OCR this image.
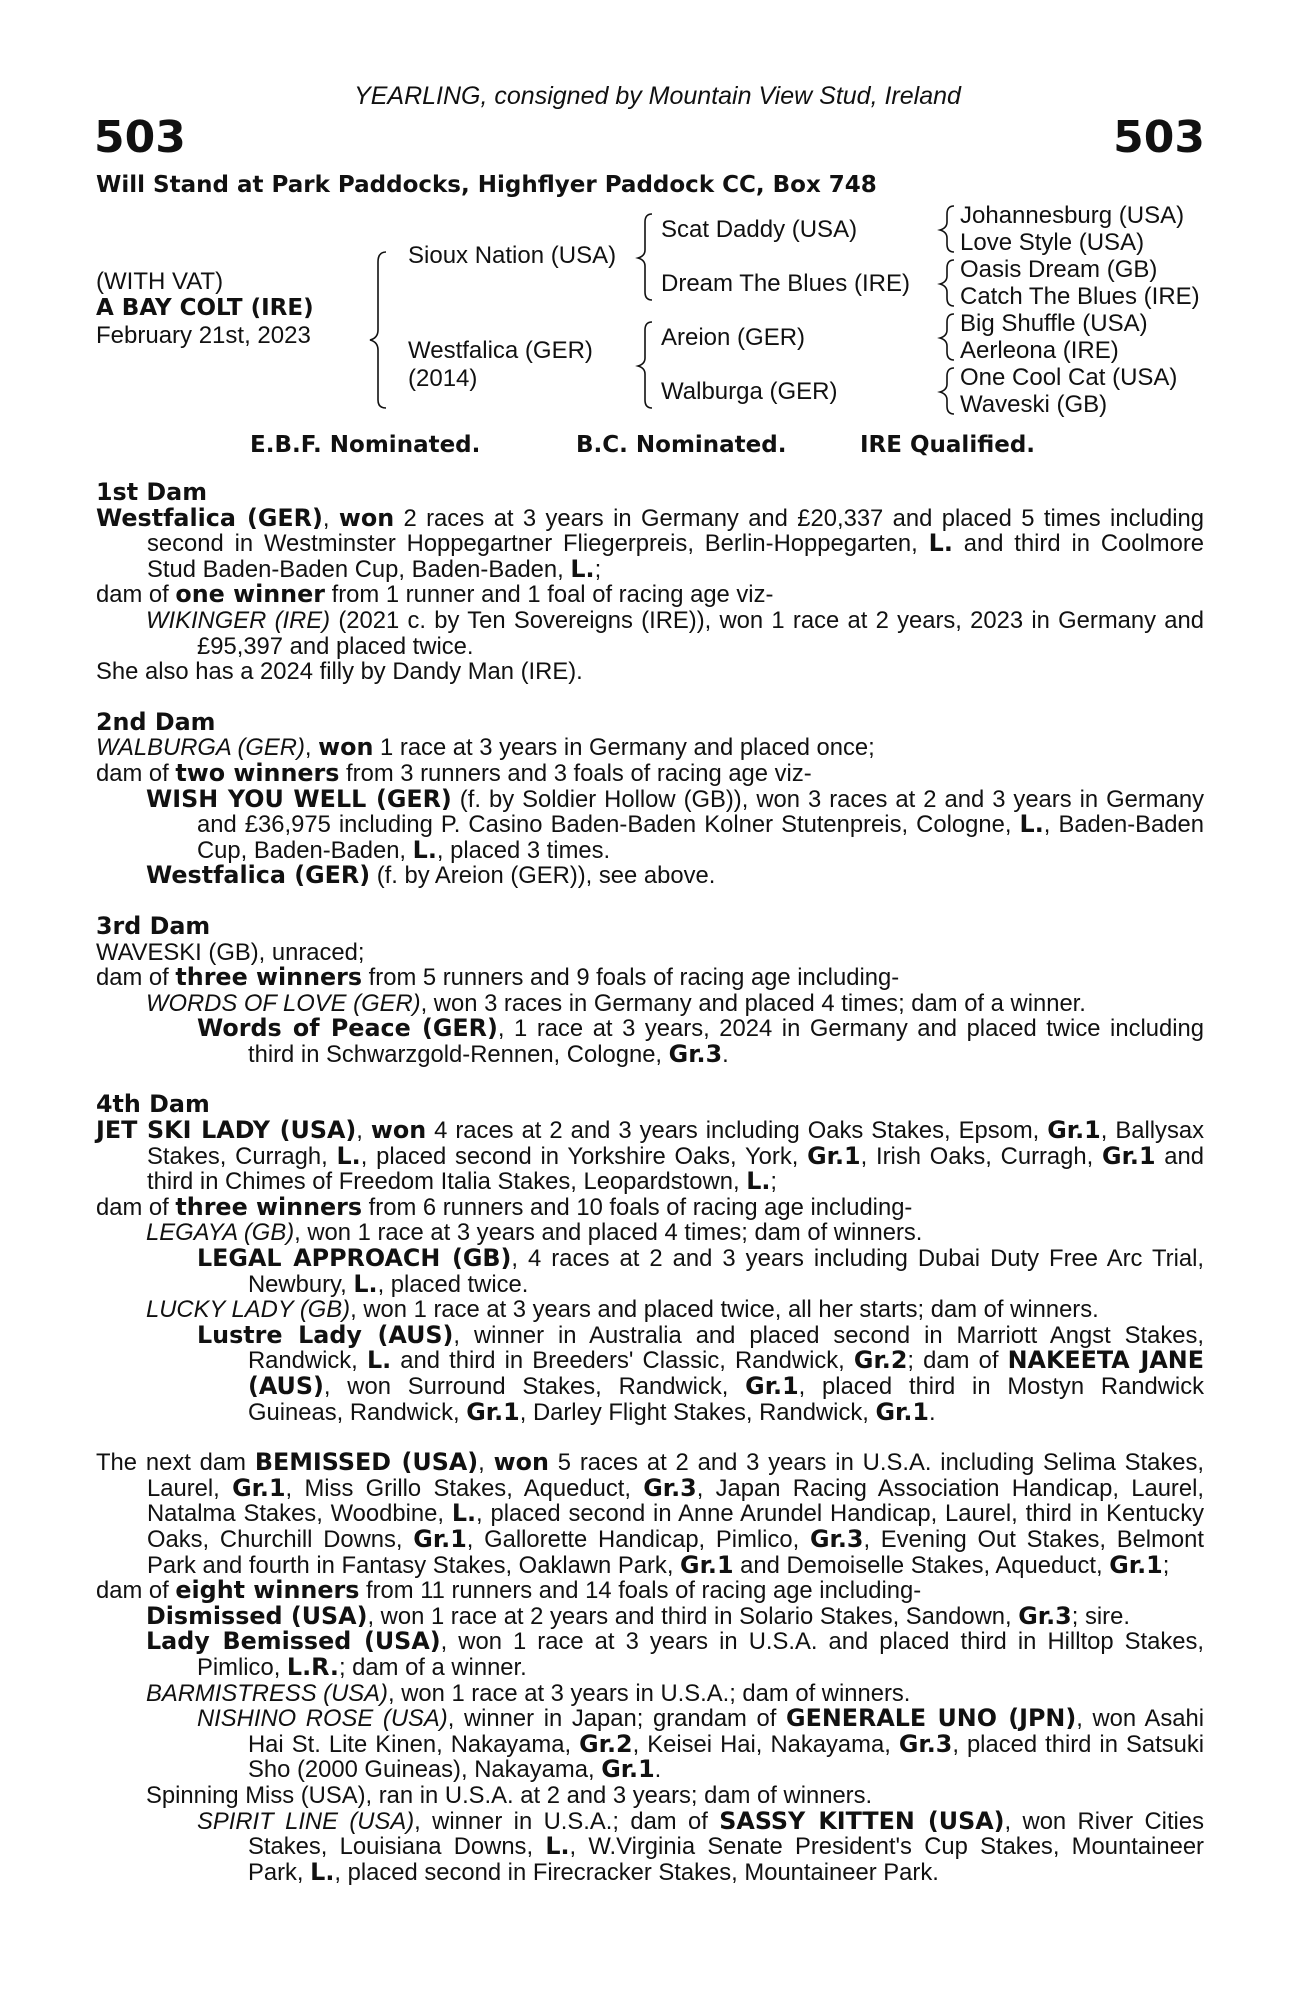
YEARLING, consigned by Mountain View Stud, Ireland
503	503
Will Stand at Park Paddocks, Highflyer Paddock CC, Box 748
(WITH VAT)
A BAY COLT (IRE)
February 21st, 2023
Sioux Nation (USA)
Westfalica (GER)
(2014)
Scat Daddy (USA)
Dream The Blues (IRE)
Areion (GER)
Walburga (GER)
Johannesburg (USA)
Love Style (USA)
Oasis Dream (GB)
Catch The Blues (IRE)
Big Shuffle (USA)
Aerleona (IRE)
One Cool Cat (USA)
Waveski (GB)
E.B.F. Nominated.	B.C. Nominated.	IRE Qualified.

1st Dam

Westfalica (GER), won 2 races at 3 years in Germany and £20,337 and placed 5 times including second in Westminster Hoppegartner Fliegerpreis, Berlin-Hoppegarten, L. and third in Coolmore Stud Baden-Baden Cup, Baden-Baden, L.;

dam of one winner from 1 runner and 1 foal of racing age viz-

WIKINGER (IRE) (2021 c. by Ten Sovereigns (IRE)), won 1 race at 2 years, 2023 in Germany and £95,397 and placed twice.

She also has a 2024 filly by Dandy Man (IRE).

2nd Dam

WALBURGA (GER), won 1 race at 3 years in Germany and placed once;

dam of two winners from 3 runners and 3 foals of racing age viz-

WISH YOU WELL (GER) (f. by Soldier Hollow (GB)), won 3 races at 2 and 3 years in Germany and £36,975 including P. Casino Baden-Baden Kolner Stutenpreis, Cologne, L., Baden-Baden Cup, Baden-Baden, L., placed 3 times.

Westfalica (GER) (f. by Areion (GER)), see above.

3rd Dam

WAVESKI (GB), unraced;

dam of three winners from 5 runners and 9 foals of racing age including-

WORDS OF LOVE (GER), won 3 races in Germany and placed 4 times; dam of a winner.

Words of Peace (GER), 1 race at 3 years, 2024 in Germany and placed twice including third in Schwarzgold-Rennen, Cologne, Gr.3.

4th Dam

JET SKI LADY (USA), won 4 races at 2 and 3 years including Oaks Stakes, Epsom, Gr.1, Ballysax Stakes, Curragh, L., placed second in Yorkshire Oaks, York, Gr.1, Irish Oaks, Curragh, Gr.1 and third in Chimes of Freedom Italia Stakes, Leopardstown, L.;

dam of three winners from 6 runners and 10 foals of racing age including-

LEGAYA (GB), won 1 race at 3 years and placed 4 times; dam of winners.

LEGAL APPROACH (GB), 4 races at 2 and 3 years including Dubai Duty Free Arc Trial, Newbury, L., placed twice.

LUCKY LADY (GB), won 1 race at 3 years and placed twice, all her starts; dam of winners.

Lustre Lady (AUS), winner in Australia and placed second in Marriott Angst Stakes, Randwick, L. and third in Breeders' Classic, Randwick, Gr.2; dam of NAKEETA JANE (AUS), won Surround Stakes, Randwick, Gr.1, placed third in Mostyn Randwick Guineas, Randwick, Gr.1, Darley Flight Stakes, Randwick, Gr.1.

The next dam BEMISSED (USA), won 5 races at 2 and 3 years in U.S.A. including Selima Stakes, Laurel, Gr.1, Miss Grillo Stakes, Aqueduct, Gr.3, Japan Racing Association Handicap, Laurel, Natalma Stakes, Woodbine, L., placed second in Anne Arundel Handicap, Laurel, third in Kentucky Oaks, Churchill Downs, Gr.1, Gallorette Handicap, Pimlico, Gr.3, Evening Out Stakes, Belmont Park and fourth in Fantasy Stakes, Oaklawn Park, Gr.1 and Demoiselle Stakes, Aqueduct, Gr.1;

dam of eight winners from 11 runners and 14 foals of racing age including-

Dismissed (USA), won 1 race at 2 years and third in Solario Stakes, Sandown, Gr.3; sire.

Lady Bemissed (USA), won 1 race at 3 years in U.S.A. and placed third in Hilltop Stakes, Pimlico, L.R.; dam of a winner.

BARMISTRESS (USA), won 1 race at 3 years in U.S.A.; dam of winners.

NISHINO ROSE (USA), winner in Japan; grandam of GENERALE UNO (JPN), won Asahi Hai St. Lite Kinen, Nakayama, Gr.2, Keisei Hai, Nakayama, Gr.3, placed third in Satsuki Sho (2000 Guineas), Nakayama, Gr.1.

Spinning Miss (USA), ran in U.S.A. at 2 and 3 years; dam of winners.

SPIRIT LINE (USA), winner in U.S.A.; dam of SASSY KITTEN (USA), won River Cities Stakes, Louisiana Downs, L., W.Virginia Senate President's Cup Stakes, Mountaineer Park, L., placed second in Firecracker Stakes, Mountaineer Park.
